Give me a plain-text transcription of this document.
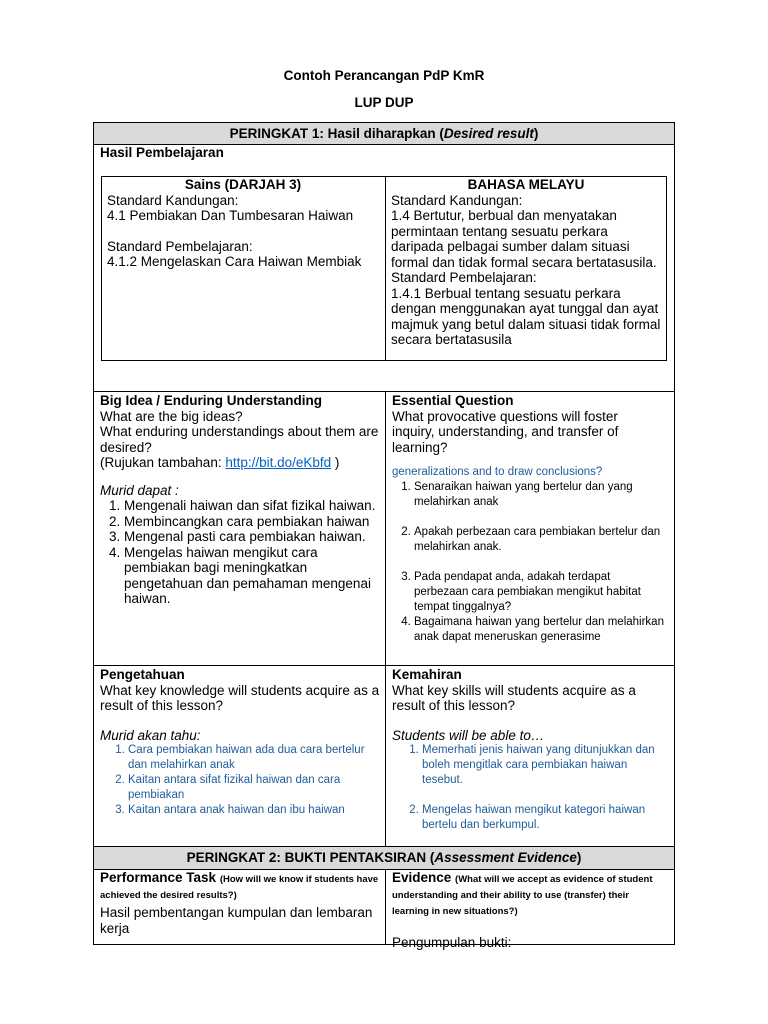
Contoh Perancangan PdP KmR
LUP DUP
PERINGKAT 1: Hasil diharapkan (Desired result)
Hasil Pembelajaran
Sains (DARJAH 3)
Standard Kandungan:
4.1 Pembiakan Dan Tumbesaran Haiwan
Standard Pembelajaran:
4.1.2 Mengelaskan Cara Haiwan Membiak
BAHASA MELAYU
Standard Kandungan:
1.4 Bertutur, berbual dan menyatakan permintaan tentang sesuatu perkara daripada pelbagai sumber dalam situasi formal dan tidak formal secara bertatasusila.
Standard Pembelajaran:
1.4.1 Berbual tentang sesuatu perkara dengan menggunakan ayat tunggal dan ayat majmuk yang betul dalam situasi tidak formal secara bertatasusila
Big Idea / Enduring Understanding
What are the big ideas?
What enduring understandings about them are desired?
(Rujukan tambahan: http://bit.do/eKbfd )
Murid dapat :
1. Mengenali haiwan dan sifat fizikal haiwan.
2. Membincangkan cara pembiakan haiwan
3. Mengenal pasti cara pembiakan haiwan.
4. Mengelas haiwan mengikut cara pembiakan bagi meningkatkan pengetahuan dan pemahaman mengenai haiwan.
Essential Question
What provocative questions will foster inquiry, understanding, and transfer of learning?
generalizations and to draw conclusions?
1. Senaraikan haiwan yang bertelur dan yang melahirkan anak
2. Apakah perbezaan cara pembiakan bertelur dan melahirkan anak.
3. Pada pendapat anda, adakah terdapat perbezaan cara pembiakan mengikut habitat tempat tinggalnya?
4. Bagaimana haiwan yang bertelur dan melahirkan anak dapat meneruskan generasime
Pengetahuan
What key knowledge will students acquire as a result of this lesson?
Murid akan tahu:
1. Cara pembiakan haiwan ada dua cara bertelur dan melahirkan anak
2. Kaitan antara sifat fizikal haiwan dan cara pembiakan
3. Kaitan antara anak haiwan dan ibu haiwan
Kemahiran
What key skills will students acquire as a result of this lesson?
Students will be able to…
1. Memerhati jenis haiwan yang ditunjukkan dan boleh mengitlak cara pembiakan haiwan tesebut.
2. Mengelas haiwan mengikut kategori haiwan bertelu dan berkumpul.
PERINGKAT 2: BUKTI PENTAKSIRAN (Assessment Evidence)
Performance Task (How will we know if students have achieved the desired results?)
Hasil pembentangan kumpulan dan lembaran kerja
Evidence (What will we accept as evidence of student understanding and their ability to use (transfer) their learning in new situations?)
Pengumpulan bukti:
